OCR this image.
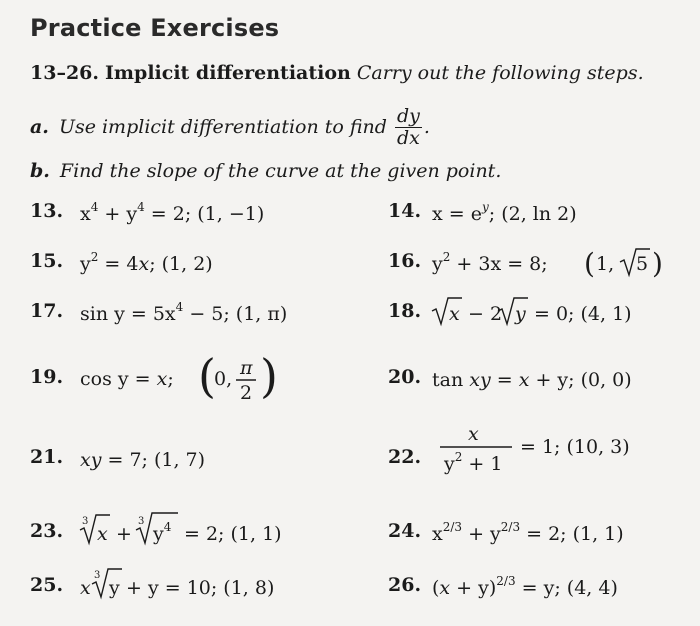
Practice Exercises
13–26. Implicit differentiation Carry out the following steps.
a. Use implicit differentiation to find $\frac{dy}{dx}$ .
b. Find the slope of the curve at the given point.
13. $x^4 + y^4 = 2$; (1, −1)	14. $x = e^y$; (2, ln 2)
15. $y^2 = 4x$; (1, 2)	16. $y^2 + 3x = 8$; ( 1, 5 )
17. $\sin y = 5x^4 - 5$; (1, π)	18. x − 2 y = 0; (4, 1)
19. cos y = x; (
0, π
2 )	20. tan xy = x + y; (0, 0)
21. xy = 7; (1, 7)	22.
x
$y^2 + 1$
= 1; (10, 3)
23. 3
x +
3
$y^4 = 2$; (1, 1)	24. $x^{2/3} + y^{2/3} = 2$; (1, 1)
25. x
3
y + y = 10; (1, 8)	26. $(x + y)^{2/3} = y$; (4, 4)
